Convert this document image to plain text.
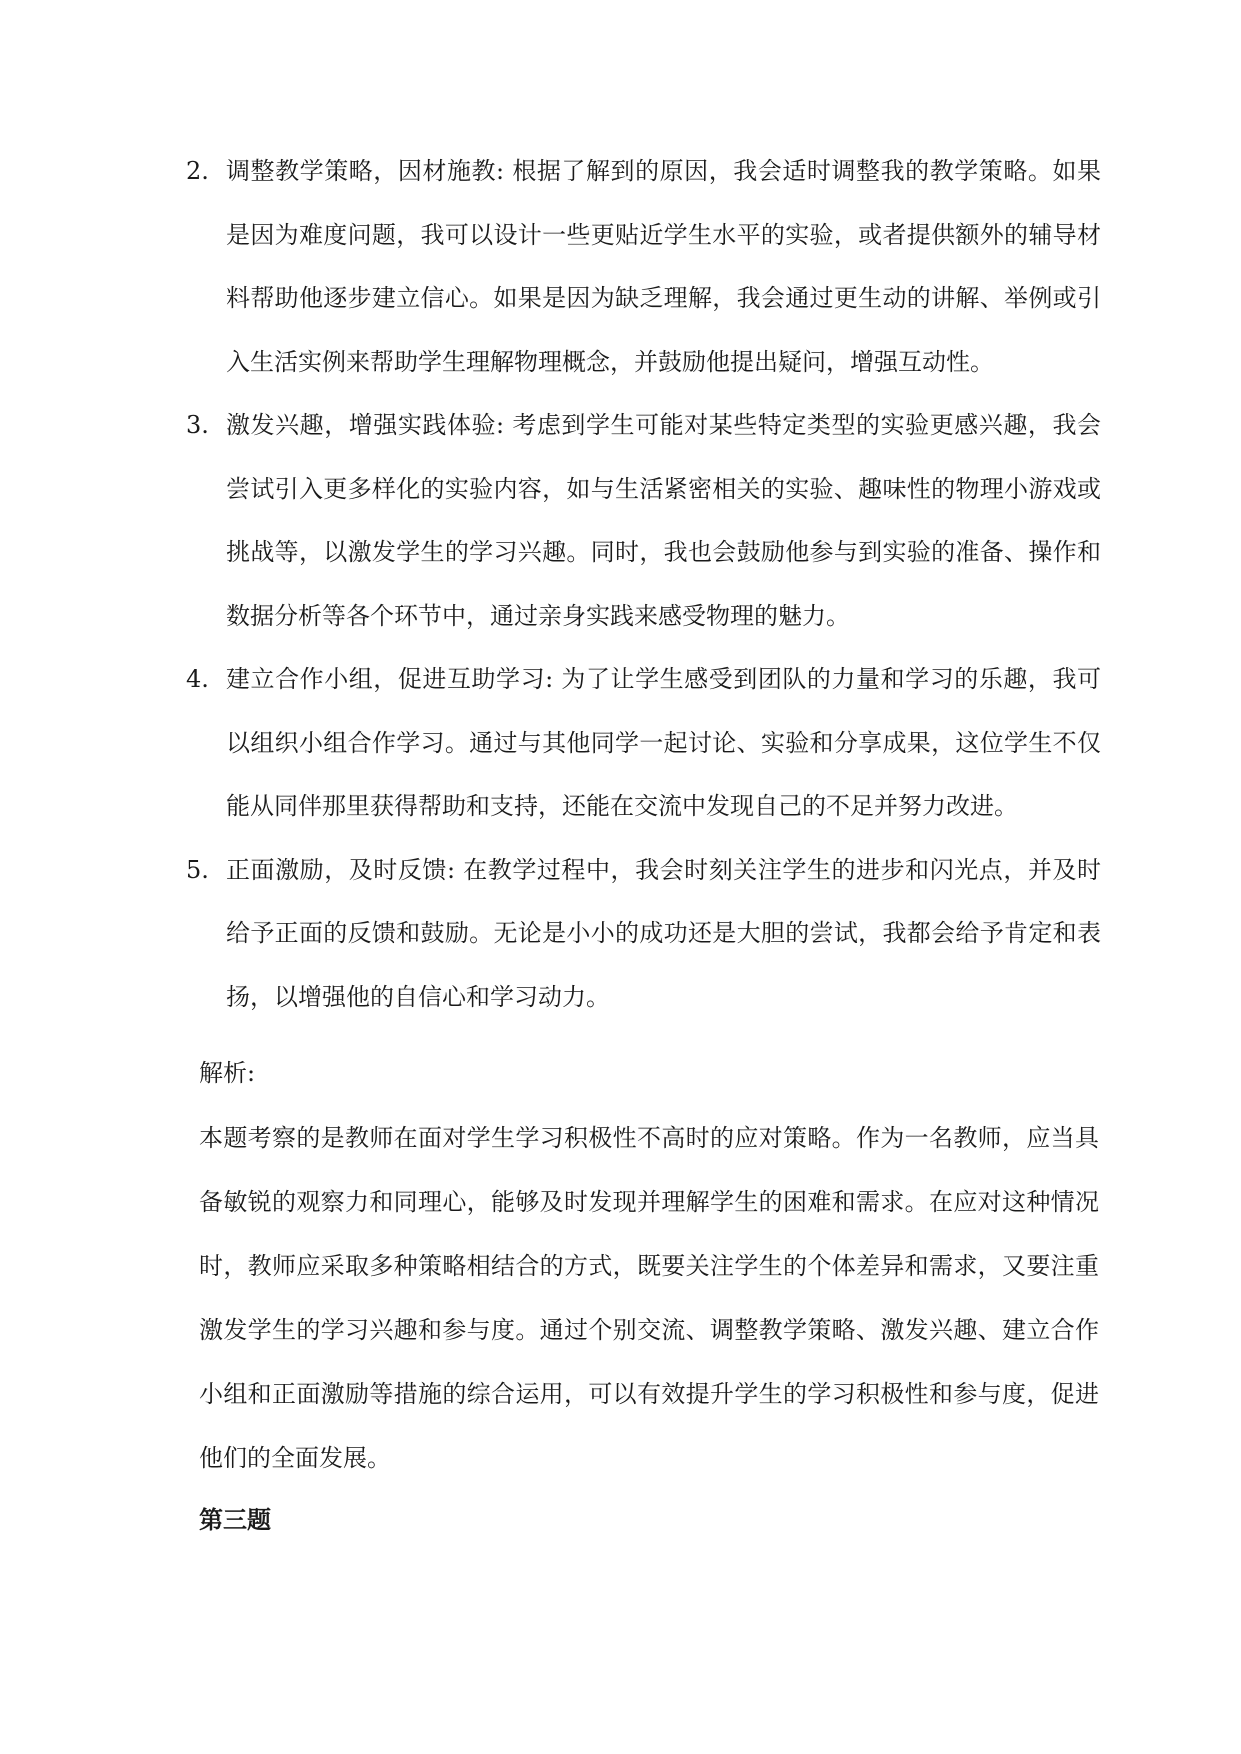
2. 调整教学策略，因材施教: 根据了解到的原因，我会适时调整我的教学策略。如果是因为难度问题，我可以设计一些更贴近学生水平的实验，或者提供额外的辅导材料帮助他逐步建立信心。如果是因为缺乏理解，我会通过更生动的讲解、举例或引入生活实例来帮助学生理解物理概念，并鼓励他提出疑问，增强互动性。
3. 激发兴趣，增强实践体验: 考虑到学生可能对某些特定类型的实验更感兴趣，我会尝试引入更多样化的实验内容，如与生活紧密相关的实验、趣味性的物理小游戏或挑战等，以激发学生的学习兴趣。同时，我也会鼓励他参与到实验的准备、操作和数据分析等各个环节中，通过亲身实践来感受物理的魅力。
4. 建立合作小组，促进互助学习: 为了让学生感受到团队的力量和学习的乐趣，我可以组织小组合作学习。通过与其他同学一起讨论、实验和分享成果，这位学生不仅能从同伴那里获得帮助和支持，还能在交流中发现自己的不足并努力改进。
5. 正面激励，及时反馈: 在教学过程中，我会时刻关注学生的进步和闪光点，并及时给予正面的反馈和鼓励。无论是小小的成功还是大胆的尝试，我都会给予肯定和表扬，以增强他的自信心和学习动力。
解析:
本题考察的是教师在面对学生学习积极性不高时的应对策略。作为一名教师，应当具备敏锐的观察力和同理心，能够及时发现并理解学生的困难和需求。在应对这种情况时，教师应采取多种策略相结合的方式，既要关注学生的个体差异和需求，又要注重激发学生的学习兴趣和参与度。通过个别交流、调整教学策略、激发兴趣、建立合作小组和正面激励等措施的综合运用，可以有效提升学生的学习积极性和参与度，促进他们的全面发展。
第三题
